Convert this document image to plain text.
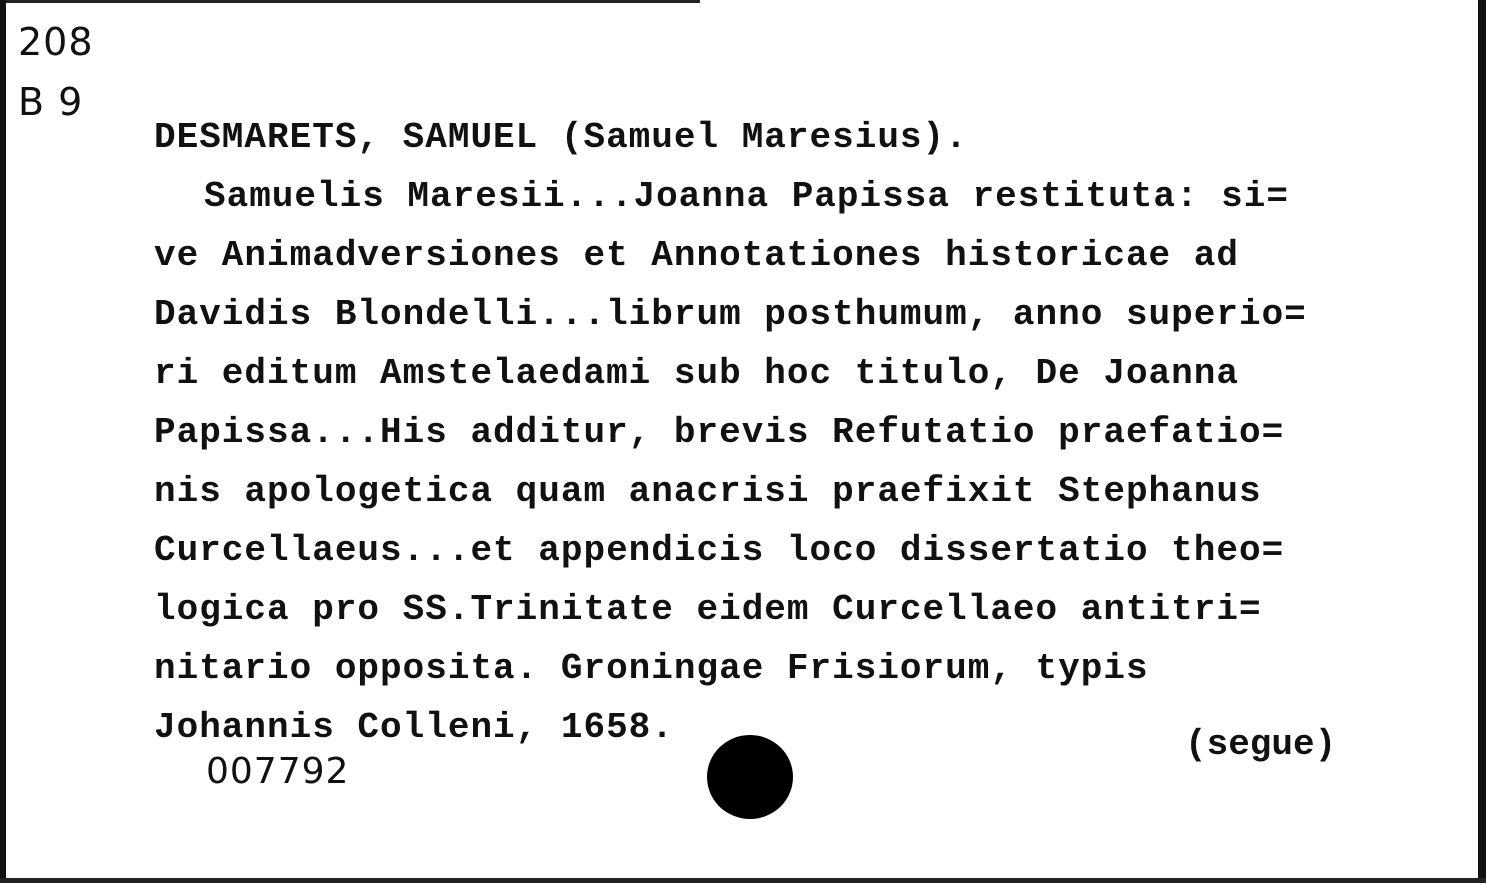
208
B 9
DESMARETS, SAMUEL (Samuel Maresius).
Samuelis Maresii...Joanna Papissa restituta: si=
ve Animadversiones et Annotationes historicae ad
Davidis Blondelli...librum posthumum, anno superio=
ri editum Amstelaedami sub hoc titulo, De Joanna
Papissa...His additur, brevis Refutatio praefatio=
nis apologetica quam anacrisi praefixit Stephanus
Curcellaeus...et appendicis loco dissertatio theo=
logica pro SS.Trinitate eidem Curcellaeo antitri=
nitario opposita. Groningae Frisiorum, typis
Johannis Colleni, 1658.	(segue)
007792
